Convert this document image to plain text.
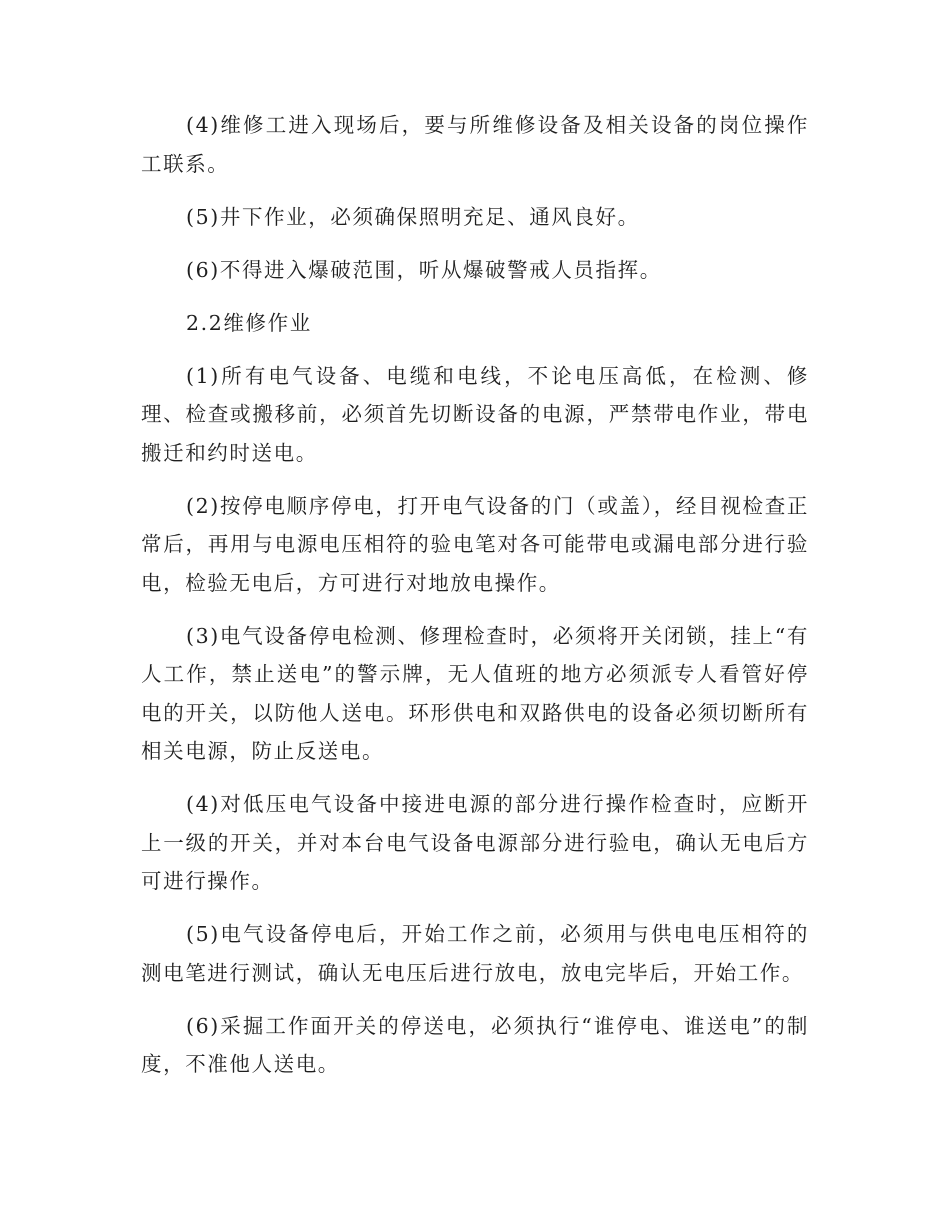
(4)维修工进入现场后，要与所维修设备及相关设备的岗位操作工联系。

(5)井下作业，必须确保照明充足、通风良好。

(6)不得进入爆破范围，听从爆破警戒人员指挥。

2.2维修作业

(1)所有电气设备、电缆和电线，不论电压高低，在检测、修理、检查或搬移前，必须首先切断设备的电源，严禁带电作业，带电搬迁和约时送电。

(2)按停电顺序停电，打开电气设备的门（或盖），经目视检查正常后，再用与电源电压相符的验电笔对各可能带电或漏电部分进行验电，检验无电后，方可进行对地放电操作。

(3)电气设备停电检测、修理检查时，必须将开关闭锁，挂上“有人工作，禁止送电”的警示牌，无人值班的地方必须派专人看管好停电的开关，以防他人送电。环形供电和双路供电的设备必须切断所有相关电源，防止反送电。

(4)对低压电气设备中接进电源的部分进行操作检查时，应断开上一级的开关，并对本台电气设备电源部分进行验电，确认无电后方可进行操作。

(5)电气设备停电后，开始工作之前，必须用与供电电压相符的测电笔进行测试，确认无电压后进行放电，放电完毕后，开始工作。

(6)采掘工作面开关的停送电，必须执行“谁停电、谁送电”的制度，不准他人送电。
